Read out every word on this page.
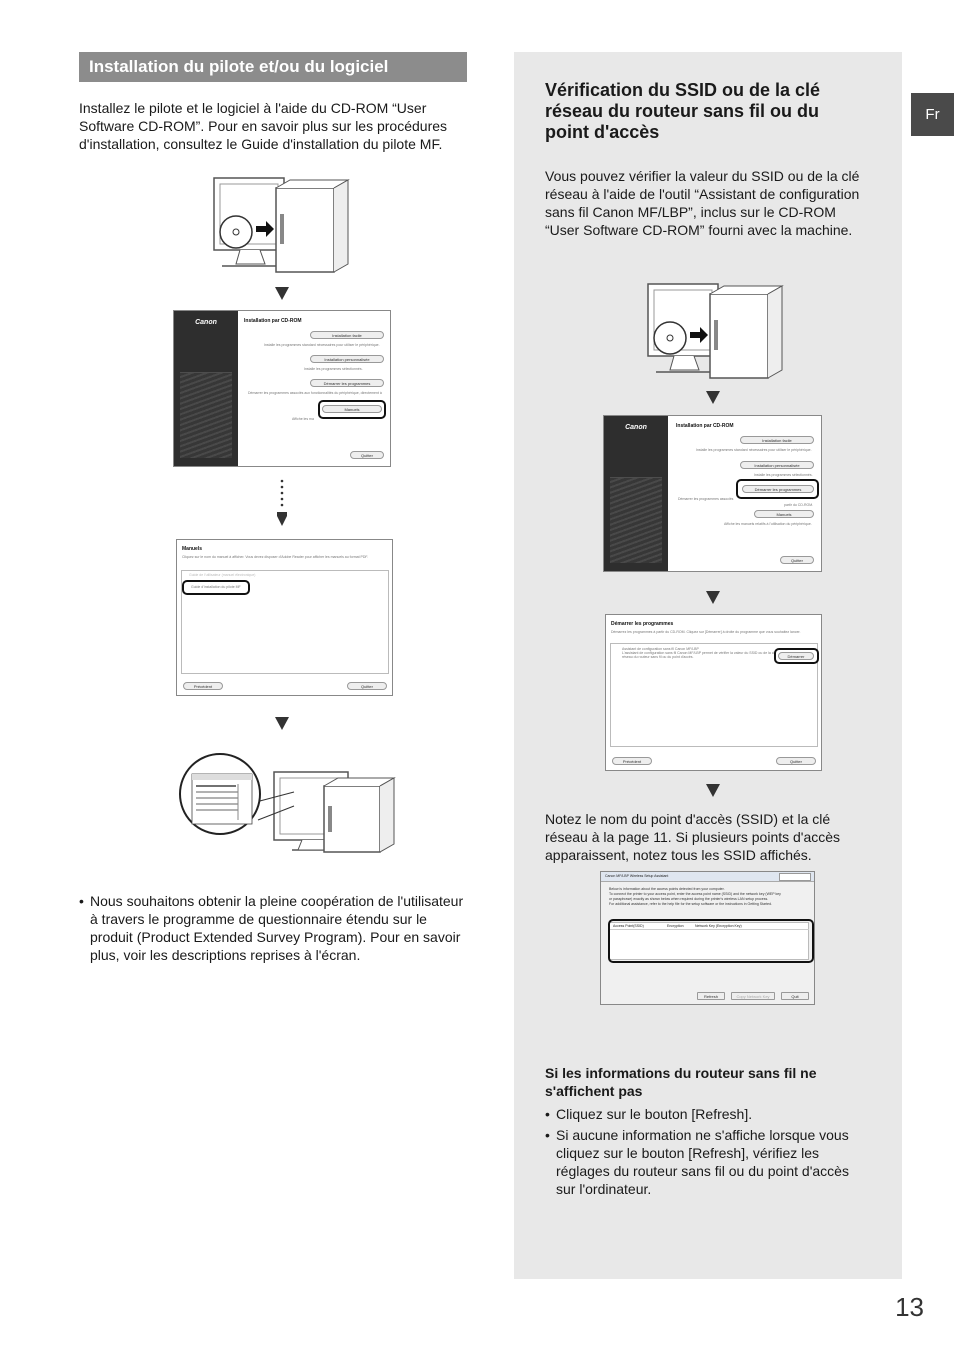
Installation du pilote et/ou du logiciel
Installez le pilote et le logiciel à l'aide du CD-ROM “User Software CD-ROM”. Pour en savoir plus sur les procédures d'installation, consultez le Guide d'installation du pilote MF.
Canon	Installation par CD-ROM
Installation facile
Installe les programmes standard nécessaires pour utiliser le périphérique.
Installation personnalisée
Installe les programmes sélectionnés.
Démarrer les programmes
Démarrer les programmes associés aux fonctionnalités du périphérique, directement à
Manuels
Affiche les ma
Quitter
Manuels
Cliquez sur le nom du manuel à afficher. Vous devez disposer d'Adobe Reader pour afficher les manuels au format PDF.
Guide de l'utilisateur (manuel électronique)
Guide d'installation du pilote MF
Précédent	Quitter
• Nous souhaitons obtenir la pleine coopération de l'utilisateur à travers le programme de questionnaire étendu sur le produit (Product Extended Survey Program). Pour en savoir plus, voir les descriptions reprises à l'écran.
Vérification du SSID ou de la clé réseau du routeur sans fil ou du point d'accès
Vous pouvez vérifier la valeur du SSID ou de la clé réseau à l'aide de l'outil “Assistant de configuration sans fil Canon MF/LBP”, inclus sur le CD-ROM “User Software CD-ROM” fourni avec la machine.
Canon	Installation par CD-ROM
Installation facile
Installe les programmes standard nécessaires pour utiliser le périphérique.
Installation personnalisée
Installe les programmes sélectionnés.
Démarrer les programmes
Démarrer les programmes associés
partir du CD-ROM.
Manuels
Affiche les manuels relatifs à l'utilisation du périphérique.
Quitter
Démarrer les programmes
Démarrez les programmes à partir du CD-ROM. Cliquez sur [Démarrer] à droite du programme que vous souhaitez lancer.
Assistant de configuration sans fil Canon MF/LBP
L'assistant de configuration sans fil Canon MF/LBP permet de vérifier la valeur du SSID ou de la clé
réseau du routeur sans fil ou du point d'accès.	Démarrer
Précédent	Quitter
Notez le nom du point d'accès (SSID) et la clé réseau à la page 11. Si plusieurs points d'accès apparaissent, notez tous les SSID affichés.
Canon MF/LBP Wireless Setup Assistant
Below is information about the access points detected from your computer.
To connect the printer to your access point, enter the access point name (SSID) and the network key (WEP key
or passphrase) exactly as shown below when required during the printer's wireless LAN setup process.
For additional assistance, refer to the help file for the setup software or the instructions in Getting Started.
Access Point(SSID)	Encryption	Network Key (Encryption Key)
Refresh	Copy Network Key	Quit
Si les informations du routeur sans fil ne s'affichent pas
• Cliquez sur le bouton [Refresh].
• Si aucune information ne s'affiche lorsque vous cliquez sur le bouton [Refresh], vérifiez les réglages du routeur sans fil ou du point d'accès sur l'ordinateur.
Fr
13
